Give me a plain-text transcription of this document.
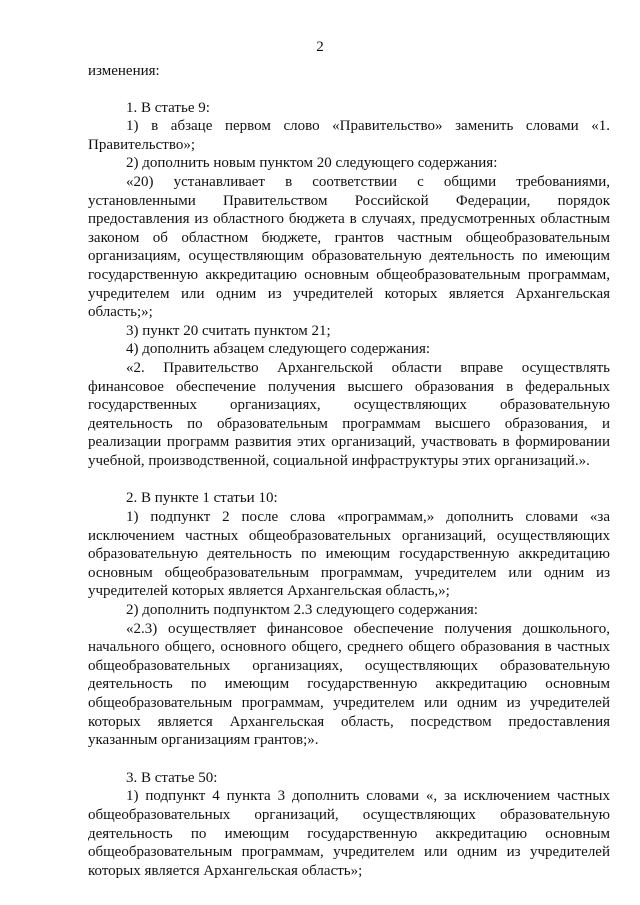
2

изменения:

1. В статье 9:

1) в абзаце первом слово «Правительство» заменить словами «1. Правительство»;

2) дополнить новым пунктом 20 следующего содержания:

«20) устанавливает в соответствии с общими требованиями, установленными Правительством Российской Федерации, порядок предоставления из областного бюджета в случаях, предусмотренных областным законом об областном бюджете, грантов частным общеобразовательным организациям, осуществляющим образовательную деятельность по имеющим государственную аккредитацию основным общеобразовательным программам, учредителем или одним из учредителей которых является Архангельская область;»;

3) пункт 20 считать пунктом 21;

4) дополнить абзацем следующего содержания:

«2. Правительство Архангельской области вправе осуществлять финансовое обеспечение получения высшего образования в федеральных государственных организациях, осуществляющих образовательную деятельность по образовательным программам высшего образования, и реализации программ развития этих организаций, участвовать в формировании учебной, производственной, социальной инфраструктуры этих организаций.».

2. В пункте 1 статьи 10:

1) подпункт 2 после слова «программам,» дополнить словами «за исключением частных общеобразовательных организаций, осуществляющих образовательную деятельность по имеющим государственную аккредитацию основным общеобразовательным программам, учредителем или одним из учредителей которых является Архангельская область,»;

2) дополнить подпунктом 2.3 следующего содержания:

«2.3) осуществляет финансовое обеспечение получения дошкольного, начального общего, основного общего, среднего общего образования в частных общеобразовательных организациях, осуществляющих образовательную деятельность по имеющим государственную аккредитацию основным общеобразовательным программам, учредителем или одним из учредителей которых является Архангельская область, посредством предоставления указанным организациям грантов;».

3. В статье 50:

1) подпункт 4 пункта 3 дополнить словами «, за исключением частных общеобразовательных организаций, осуществляющих образовательную деятельность по имеющим государственную аккредитацию основным общеобразовательным программам, учредителем или одним из учредителей которых является Архангельская область»;
